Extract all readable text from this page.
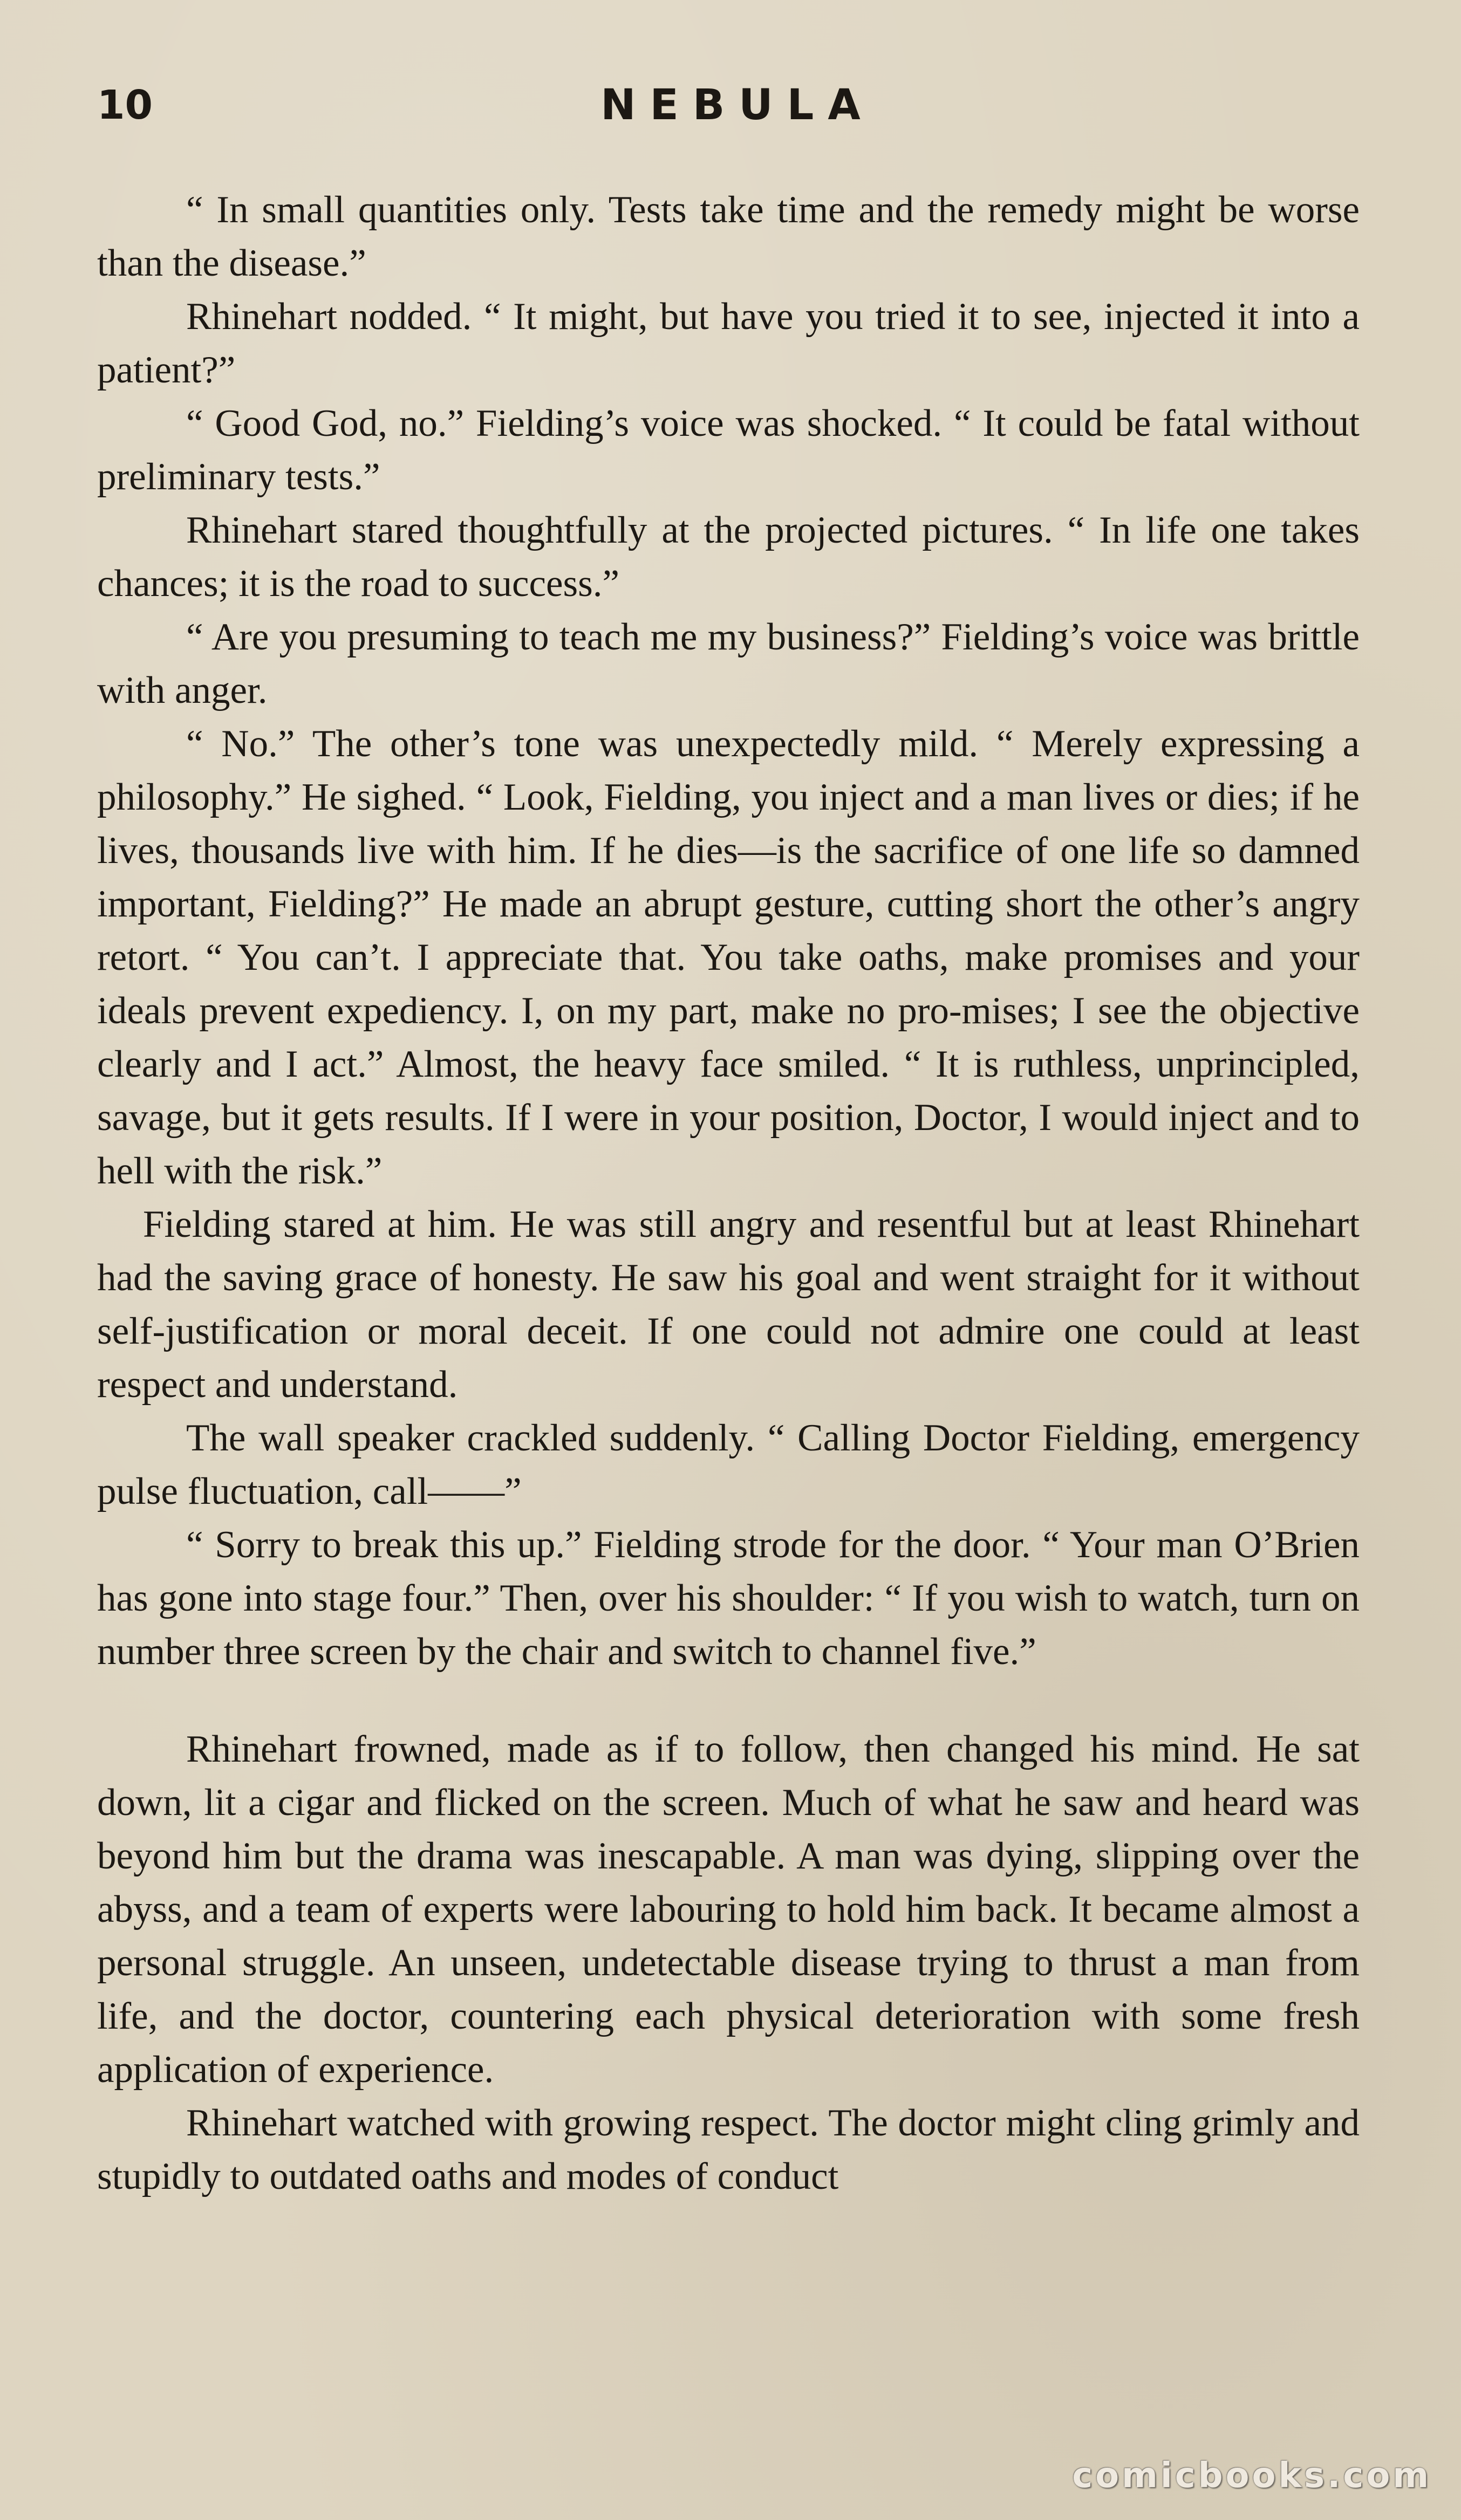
10	NEBULA

“ In small quantities only. Tests take time and the remedy might be worse than the disease.”

Rhinehart nodded. “ It might, but have you tried it to see, injected it into a patient?”

“ Good God, no.” Fielding’s voice was shocked. “ It could be fatal without preliminary tests.”

Rhinehart stared thoughtfully at the projected pictures. “ In life one takes chances; it is the road to success.”

“ Are you presuming to teach me my business?” Fielding’s voice was brittle with anger.

“ No.” The other’s tone was unexpectedly mild. “ Merely expressing a philosophy.” He sighed. “ Look, Fielding, you inject and a man lives or dies; if he lives, thousands live with him. If he dies—is the sacrifice of one life so damned important, Fielding?” He made an abrupt gesture, cutting short the other’s angry retort. “ You can’t. I appreciate that. You take oaths, make promises and your ideals prevent expediency. I, on my part, make no pro-mises; I see the objective clearly and I act.” Almost, the heavy face smiled. “ It is ruthless, unprincipled, savage, but it gets results. If I were in your position, Doctor, I would inject and to hell with the risk.”

Fielding stared at him. He was still angry and resentful but at least Rhinehart had the saving grace of honesty. He saw his goal and went straight for it without self-justification or moral deceit. If one could not admire one could at least respect and understand.

The wall speaker crackled suddenly. “ Calling Doctor Fielding, emergency pulse fluctuation, call——”

“ Sorry to break this up.” Fielding strode for the door. “ Your man O’Brien has gone into stage four.” Then, over his shoulder: “ If you wish to watch, turn on number three screen by the chair and switch to channel five.”

Rhinehart frowned, made as if to follow, then changed his mind. He sat down, lit a cigar and flicked on the screen. Much of what he saw and heard was beyond him but the drama was inescapable. A man was dying, slipping over the abyss, and a team of experts were labouring to hold him back. It became almost a personal struggle. An unseen, undetectable disease trying to thrust a man from life, and the doctor, countering each physical deterioration with some fresh application of experience.

Rhinehart watched with growing respect. The doctor might cling grimly and stupidly to outdated oaths and modes of conduct

comicbooks.com
